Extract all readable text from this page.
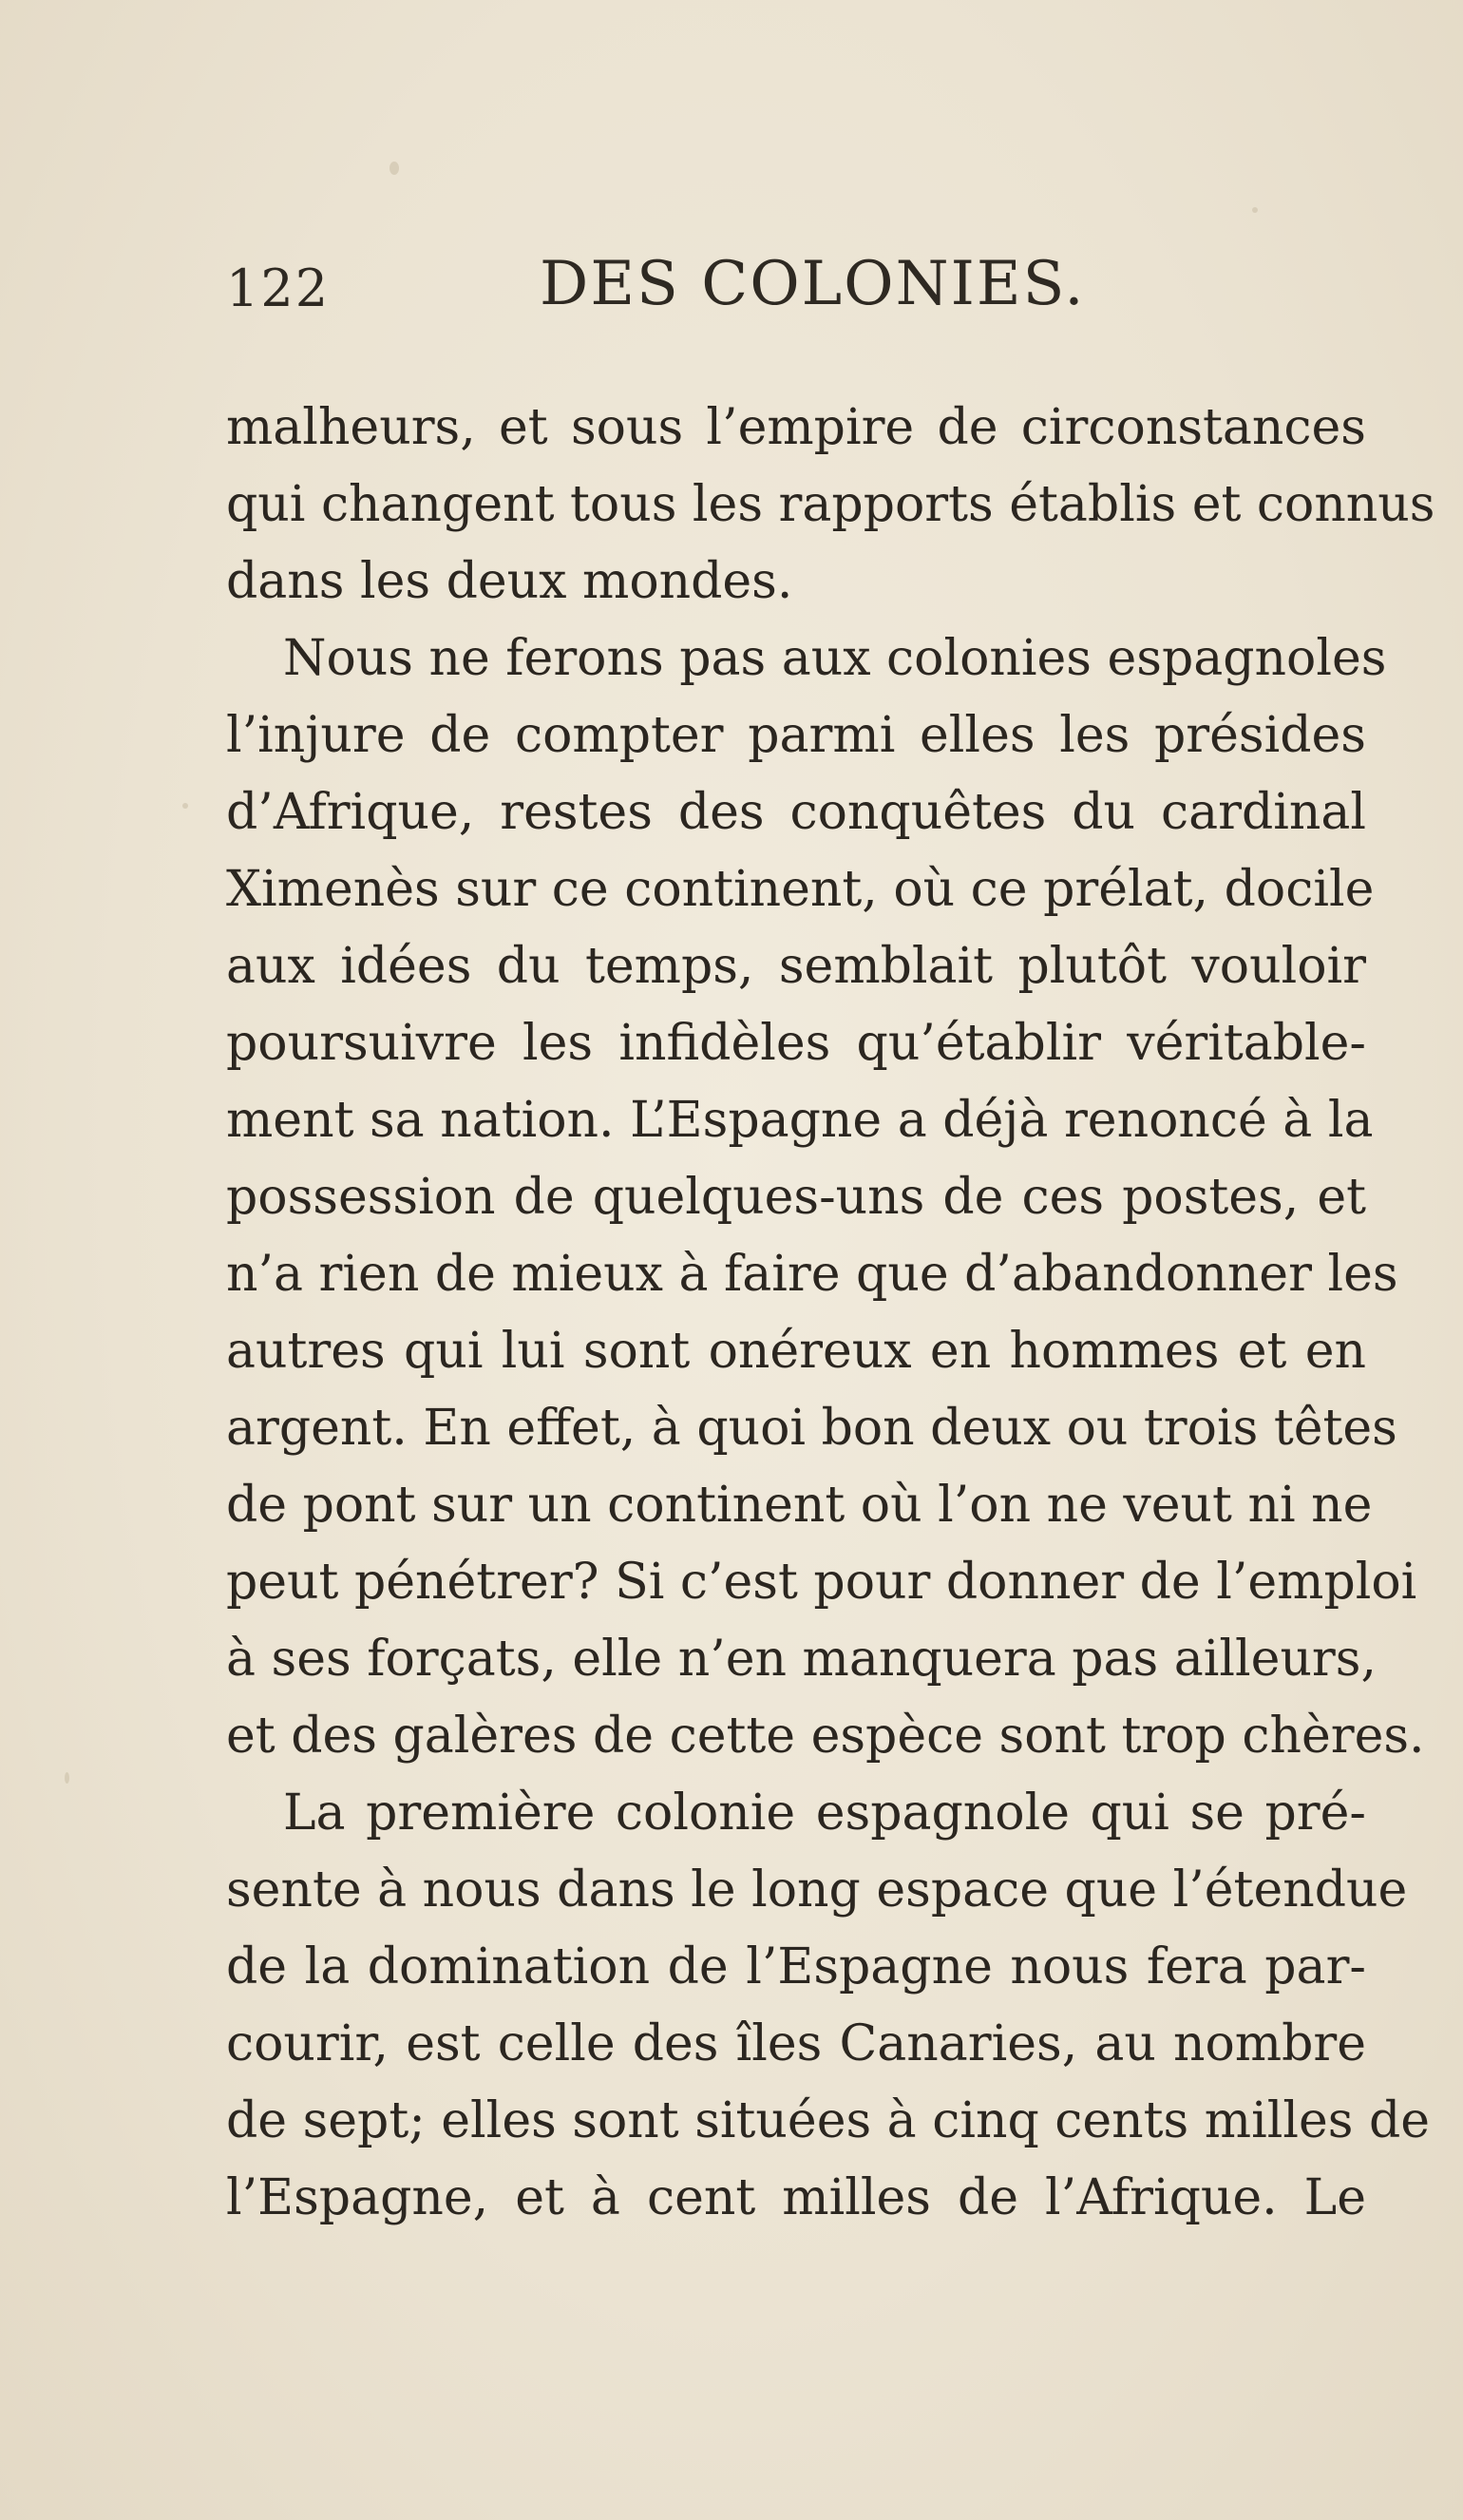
122	DES COLONIES.
malheurs, et sous l’empire de circonstances
qui changent tous les rapports établis et connus
dans les deux mondes.
Nous ne ferons pas aux colonies espagnoles
l’injure de compter parmi elles les présides
d’Afrique, restes des conquêtes du cardinal
Ximenès sur ce continent, où ce prélat, docile
aux idées du temps, semblait plutôt vouloir
poursuivre les infidèles qu’établir véritable-
ment sa nation. L’Espagne a déjà renoncé à la
possession de quelques-uns de ces postes, et
n’a rien de mieux à faire que d’abandonner les
autres qui lui sont onéreux en hommes et en
argent. En effet, à quoi bon deux ou trois têtes
de pont sur un continent où l’on ne veut ni ne
peut pénétrer? Si c’est pour donner de l’emploi
à ses forçats, elle n’en manquera pas ailleurs,
et des galères de cette espèce sont trop chères.
La première colonie espagnole qui se pré-
sente à nous dans le long espace que l’étendue
de la domination de l’Espagne nous fera par-
courir, est celle des îles Canaries, au nombre
de sept; elles sont situées à cinq cents milles de
l’Espagne, et à cent milles de l’Afrique. Le
